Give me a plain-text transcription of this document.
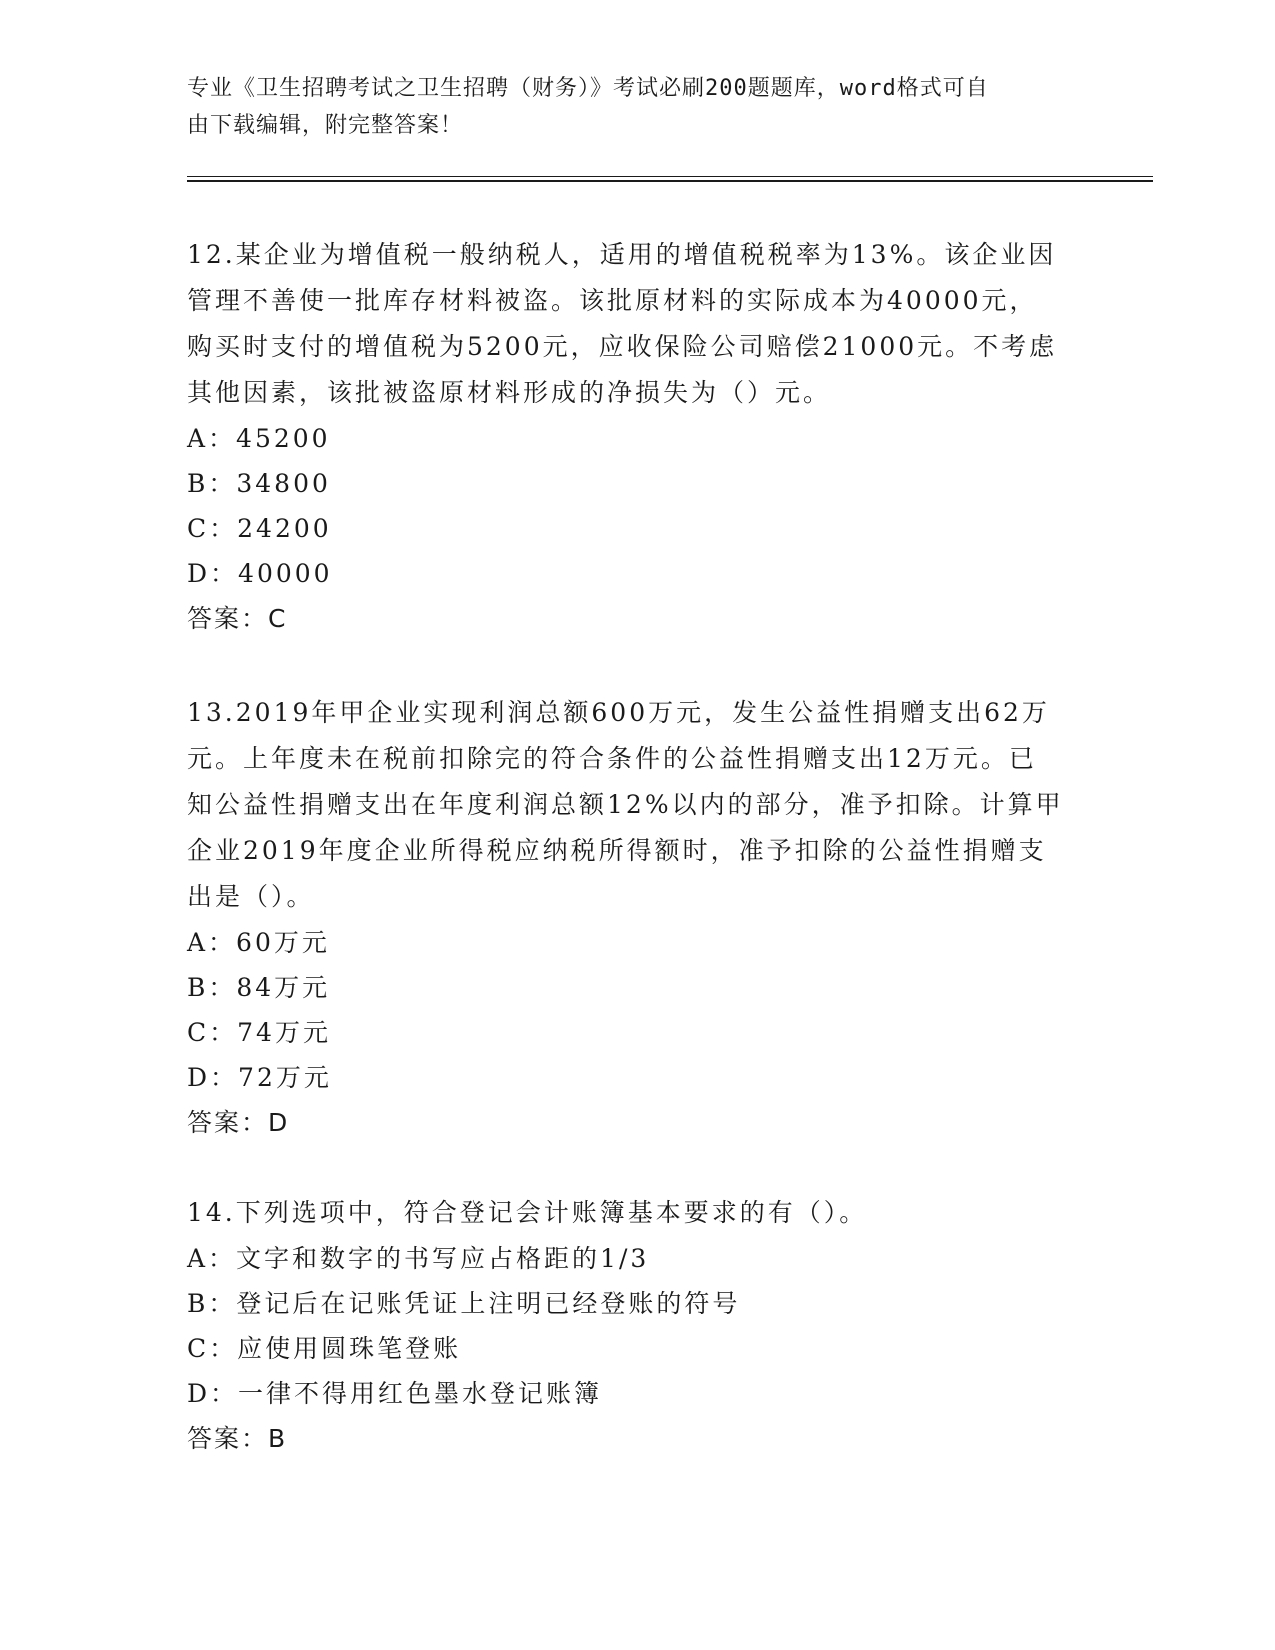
专业《卫生招聘考试之卫生招聘（财务）》考试必刷200题题库，word格式可自
由下载编辑，附完整答案！
12.某企业为增值税一般纳税人，适用的增值税税率为13%。该企业因
管理不善使一批库存材料被盗。该批原材料的实际成本为40000元，
购买时支付的增值税为5200元，应收保险公司赔偿21000元。不考虑
其他因素，该批被盗原材料形成的净损失为（）元。
A：45200
B：34800
C：24200
D：40000
答案：C
13.2019年甲企业实现利润总额600万元，发生公益性捐赠支出62万
元。上年度未在税前扣除完的符合条件的公益性捐赠支出12万元。已
知公益性捐赠支出在年度利润总额12%以内的部分，准予扣除。计算甲
企业2019年度企业所得税应纳税所得额时，准予扣除的公益性捐赠支
出是（）。
A：60万元
B：84万元
C：74万元
D：72万元
答案：D
14.下列选项中，符合登记会计账簿基本要求的有（）。
A：文字和数字的书写应占格距的1/3
B：登记后在记账凭证上注明已经登账的符号
C：应使用圆珠笔登账
D：一律不得用红色墨水登记账簿
答案：B
